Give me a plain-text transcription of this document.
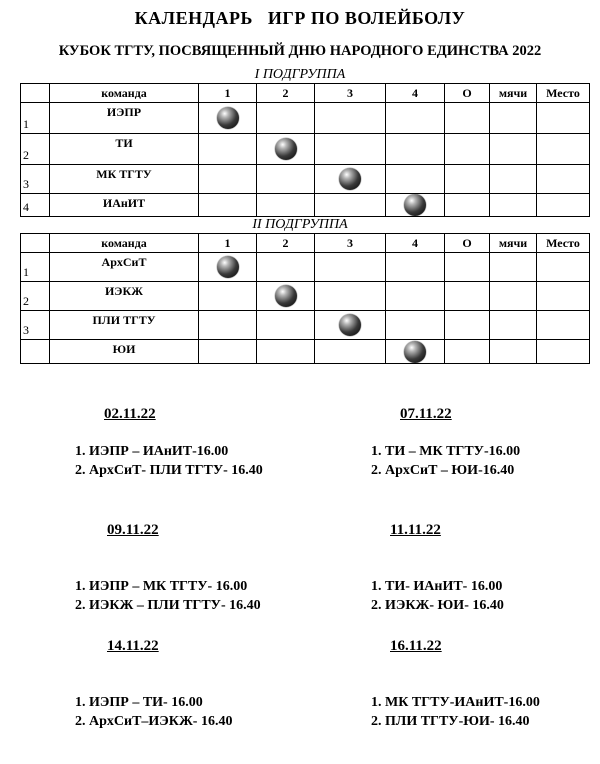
КАЛЕНДАРЬ   ИГР ПО ВОЛЕЙБОЛУ
КУБОК ТГТУ, ПОСВЯЩЕННЫЙ ДНЮ НАРОДНОГО ЕДИНСТВА 2022
I ПОДГРУППА
	команда	1	2	3	4	О	мячи	Место

1	ИЭПР							

2	ТИ							

3	МК ТГТУ							

4	ИАнИТ							

II ПОДГРУППА
	команда	1	2	3	4	О	мячи	Место

1	АрхСиТ							

2	ИЭКЖ							

3	ПЛИ ТГТУ							

	ЮИ							

02.11.22
1. ИЭПР – ИАнИТ-16.00
2. АрхСиТ- ПЛИ ТГТУ- 16.40
07.11.22
1. ТИ – МК ТГТУ-16.00
2. АрхСиТ – ЮИ-16.40
09.11.22
1. ИЭПР – МК ТГТУ- 16.00
2. ИЭКЖ – ПЛИ ТГТУ- 16.40
11.11.22
1. ТИ- ИАнИТ- 16.00
2. ИЭКЖ- ЮИ- 16.40
14.11.22
1. ИЭПР – ТИ- 16.00
2. АрхСиТ–ИЭКЖ- 16.40
16.11.22
1. МК ТГТУ-ИАнИТ-16.00
2. ПЛИ ТГТУ-ЮИ- 16.40
